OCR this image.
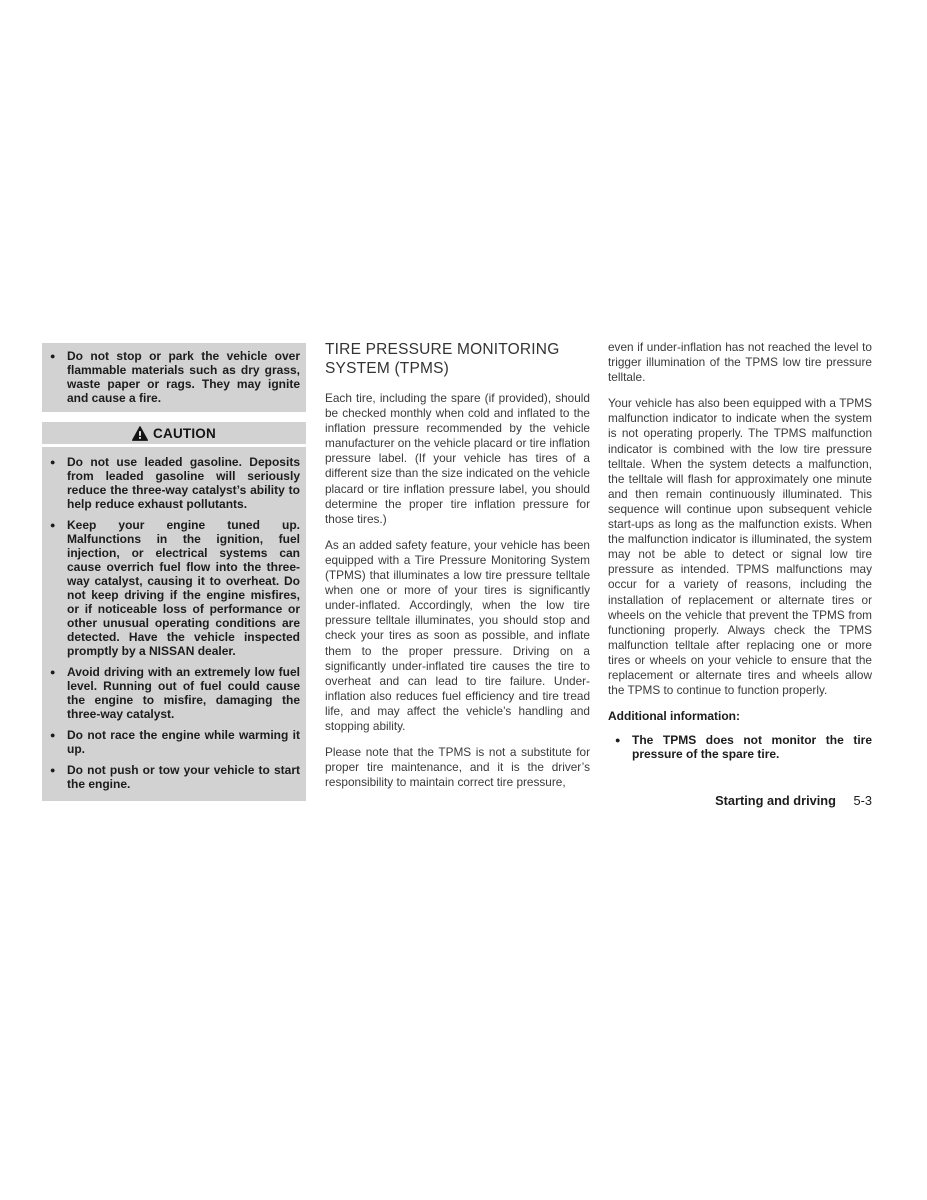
● Do not stop or park the vehicle over flammable materials such as dry grass, waste paper or rags. They may ignite and cause a fire.
CAUTION
● Do not use leaded gasoline. Deposits from leaded gasoline will seriously reduce the three-way catalyst’s ability to help reduce exhaust pollutants.
● Keep your engine tuned up. Malfunctions in the ignition, fuel injection, or electrical systems can cause overrich fuel flow into the three-way catalyst, causing it to overheat. Do not keep driving if the engine misfires, or if noticeable loss of performance or other unusual operating conditions are detected. Have the vehicle inspected promptly by a NISSAN dealer.
● Avoid driving with an extremely low fuel level. Running out of fuel could cause the engine to misfire, damaging the three-way catalyst.
● Do not race the engine while warming it up.
● Do not push or tow your vehicle to start the engine.
TIRE PRESSURE MONITORING SYSTEM (TPMS)

Each tire, including the spare (if provided), should be checked monthly when cold and inflated to the inflation pressure recommended by the vehicle manufacturer on the vehicle placard or tire inflation pressure label. (If your vehicle has tires of a different size than the size indicated on the vehicle placard or tire inflation pressure label, you should determine the proper tire inflation pressure for those tires.)

As an added safety feature, your vehicle has been equipped with a Tire Pressure Monitoring System (TPMS) that illuminates a low tire pressure telltale when one or more of your tires is significantly under-inflated. Accordingly, when the low tire pressure telltale illuminates, you should stop and check your tires as soon as possible, and inflate them to the proper pressure. Driving on a significantly under-inflated tire causes the tire to overheat and can lead to tire failure. Under-inflation also reduces fuel efficiency and tire tread life, and may affect the vehicle’s handling and stopping ability.

Please note that the TPMS is not a substitute for proper tire maintenance, and it is the driver’s responsibility to maintain correct tire pressure,

even if under-inflation has not reached the level to trigger illumination of the TPMS low tire pressure telltale.

Your vehicle has also been equipped with a TPMS malfunction indicator to indicate when the system is not operating properly. The TPMS malfunction indicator is combined with the low tire pressure telltale. When the system detects a malfunction, the telltale will flash for approximately one minute and then remain continuously illuminated. This sequence will continue upon subsequent vehicle start-ups as long as the malfunction exists. When the malfunction indicator is illuminated, the system may not be able to detect or signal low tire pressure as intended. TPMS malfunctions may occur for a variety of reasons, including the installation of replacement or alternate tires or wheels on the vehicle that prevent the TPMS from functioning properly. Always check the TPMS malfunction telltale after replacing one or more tires or wheels on your vehicle to ensure that the replacement or alternate tires and wheels allow the TPMS to continue to function properly.

Additional information:
● The TPMS does not monitor the tire pressure of the spare tire.
Starting and driving 5-3
